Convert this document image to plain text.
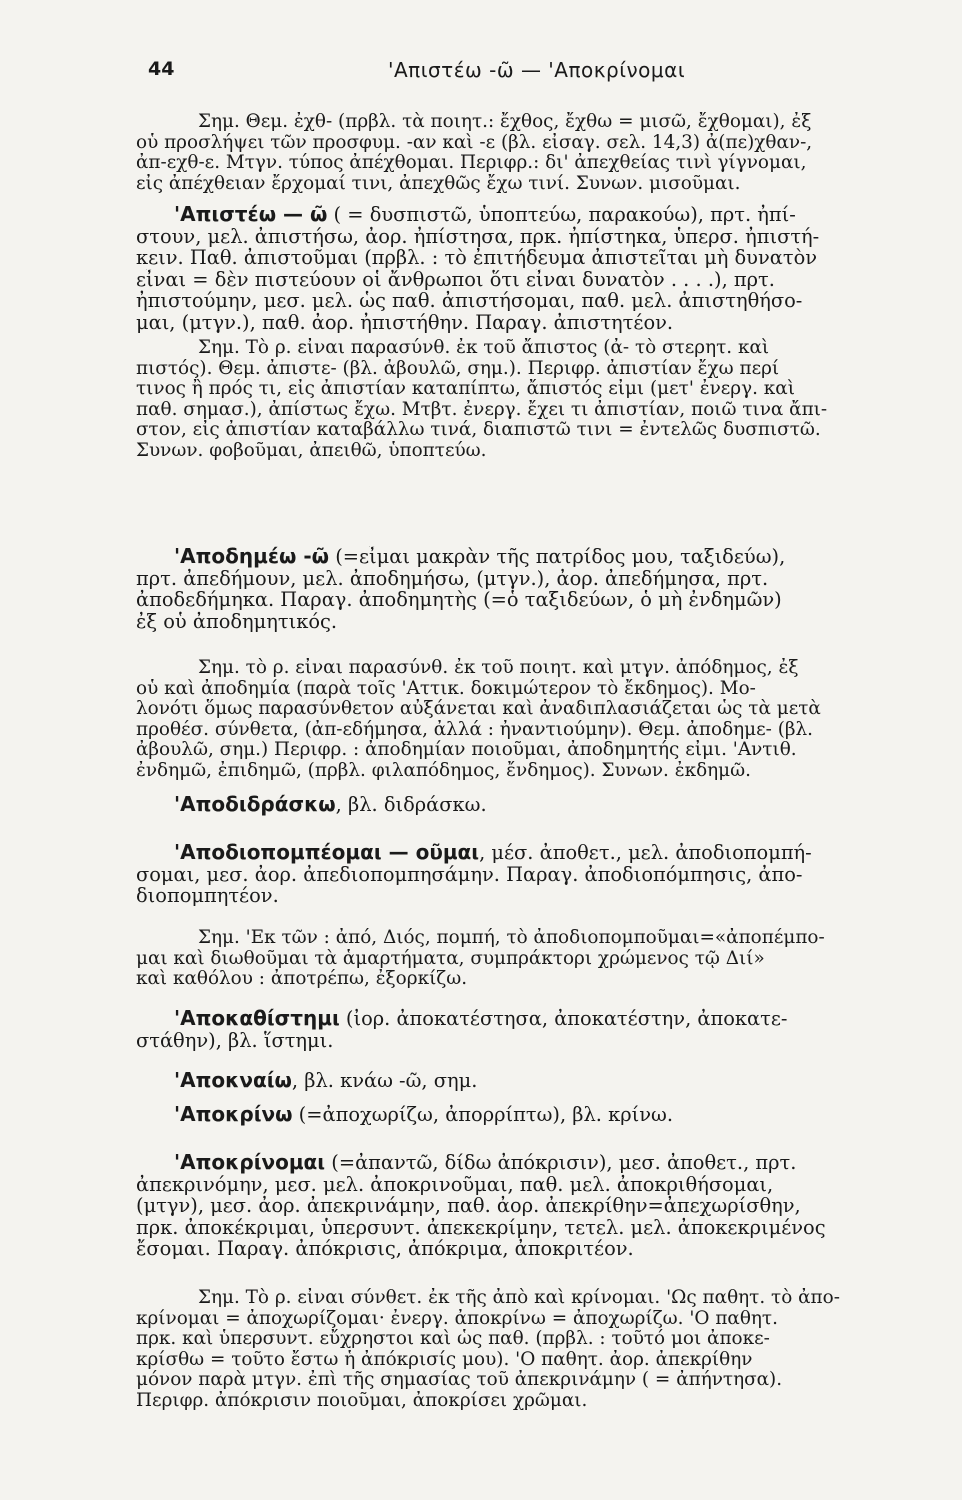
44	'Απιστέω -ῶ — 'Αποκρίνομαι
Σημ. Θεμ. ἐχθ- (πρβλ. τὰ ποιητ.: ἔχθος, ἔχθω = μισῶ, ἔχθομαι), ἐξ
οὗ προσλήψει τῶν προσφυμ. -αν καὶ -ε (βλ. εἰσαγ. σελ. 14,3) ἀ(πε)χθαν-,
ἀπ-εχθ-ε. Μτγν. τύπος ἀπέχθομαι. Περιφρ.: δι' ἀπεχθείας τινὶ γίγνομαι,
εἰς ἀπέχθειαν ἔρχομαί τινι, ἀπεχθῶς ἔχω τινί. Συνων. μισοῦμαι.
'Απιστέω — ῶ ( = δυσπιστῶ, ὑποπτεύω, παρακούω), πρτ. ἠπί-
στουν, μελ. ἀπιστήσω, ἀορ. ἠπίστησα, πρκ. ἠπίστηκα, ὑπερσ. ἠπιστή-
κειν. Παθ. ἀπιστοῦμαι (πρβλ. : τὸ ἐπιτήδευμα ἀπιστεῖται μὴ δυνατὸν
εἶναι = δὲν πιστεύουν οἱ ἄνθρωποι ὅτι εἶναι δυνατὸν . . . .), πρτ.
ἠπιστούμην, μεσ. μελ. ὡς παθ. ἀπιστήσομαι, παθ. μελ. ἀπιστηθήσο-
μαι, (μτγν.), παθ. ἀορ. ἠπιστήθην. Παραγ. ἀπιστητέον.
Σημ. Τὸ ρ. εἶναι παρασύνθ. ἐκ τοῦ ἄπιστος (ἀ- τὸ στερητ. καὶ
πιστός). Θεμ. ἀπιστε- (βλ. ἀβουλῶ, σημ.). Περιφρ. ἀπιστίαν ἔχω περί
τινος ἢ πρός τι, εἰς ἀπιστίαν καταπίπτω, ἄπιστός εἰμι (μετ' ἐνεργ. καὶ
παθ. σημασ.), ἀπίστως ἔχω. Μτβτ. ἐνεργ. ἔχει τι ἀπιστίαν, ποιῶ τινα ἄπι-
στον, εἰς ἀπιστίαν καταβάλλω τινά, διαπιστῶ τινι = ἐντελῶς δυσπιστῶ.
Συνων. φοβοῦμαι, ἀπειθῶ, ὑποπτεύω.
'Αποδημέω -ῶ (=εἶμαι μακρὰν τῆς πατρίδος μου, ταξιδεύω),
πρτ. ἀπεδήμουν, μελ. ἀποδημήσω, (μτγν.), ἀορ. ἀπεδήμησα, πρτ.
ἀποδεδήμηκα. Παραγ. ἀποδημητὴς (=ὁ ταξιδεύων, ὁ μὴ ἐνδημῶν)
ἐξ οὗ ἀποδημητικός.
Σημ. τὸ ρ. εἶναι παρασύνθ. ἐκ τοῦ ποιητ. καὶ μτγν. ἀπόδημος, ἐξ
οὗ καὶ ἀποδημία (παρὰ τοῖς 'Αττικ. δοκιμώτερον τὸ ἔκδημος). Μο-
λονότι ὅμως παρασύνθετον αὐξάνεται καὶ ἀναδιπλασιάζεται ὡς τὰ μετὰ
προθέσ. σύνθετα, (ἀπ-εδήμησα, ἀλλά : ἠναντιούμην). Θεμ. ἀποδημε- (βλ.
ἀβουλῶ, σημ.) Περιφρ. : ἀποδημίαν ποιοῦμαι, ἀποδημητής εἰμι. 'Αντιθ.
ἐνδημῶ, ἐπιδημῶ, (πρβλ. φιλαπόδημος, ἔνδημος). Συνων. ἐκδημῶ.
'Αποδιδράσκω, βλ. διδράσκω.
'Αποδιοπομπέομαι — οῦμαι, μέσ. ἀποθετ., μελ. ἀποδιοπομπή-
σομαι, μεσ. ἀορ. ἀπεδιοπομπησάμην. Παραγ. ἀποδιοπόμπησις, ἀπο-
διοπομπητέον.
Σημ. 'Εκ τῶν : ἀπό, Διός, πομπή, τὸ ἀποδιοπομποῦμαι=«ἀποπέμπο-
μαι καὶ διωθοῦμαι τὰ ἁμαρτήματα, συμπράκτορι χρώμενος τῷ Διί»
καὶ καθόλου : ἀποτρέπω, ἐξορκίζω.
'Αποκαθίστημι (ἰορ. ἀποκατέστησα, ἀποκατέστην, ἀποκατε-
στάθην), βλ. ἵστημι.
'Αποκναίω, βλ. κνάω -ῶ, σημ.
'Αποκρίνω (=ἀποχωρίζω, ἀπορρίπτω), βλ. κρίνω.
'Αποκρίνομαι (=ἀπαντῶ, δίδω ἀπόκρισιν), μεσ. ἀποθετ., πρτ.
ἀπεκρινόμην, μεσ. μελ. ἀποκρινοῦμαι, παθ. μελ. ἀποκριθήσομαι,
(μτγν), μεσ. ἀορ. ἀπεκρινάμην, παθ. ἀορ. ἀπεκρίθην=ἀπεχωρίσθην,
πρκ. ἀποκέκριμαι, ὑπερσυντ. ἀπεκεκρίμην, τετελ. μελ. ἀποκεκριμένος
ἔσομαι. Παραγ. ἀπόκρισις, ἀπόκριμα, ἀποκριτέον.
Σημ. Τὸ ρ. εἶναι σύνθετ. ἐκ τῆς ἀπὸ καὶ κρίνομαι. 'Ως παθητ. τὸ ἀπο-
κρίνομαι = ἀποχωρίζομαι· ἐνεργ. ἀποκρίνω = ἀποχωρίζω. 'Ο παθητ.
πρκ. καὶ ὑπερσυντ. εὔχρηστοι καὶ ὡς παθ. (πρβλ. : τοῦτό μοι ἀποκε-
κρίσθω = τοῦτο ἔστω ἡ ἀπόκρισίς μου). 'Ο παθητ. ἀορ. ἀπεκρίθην
μόνον παρὰ μτγν. ἐπὶ τῆς σημασίας τοῦ ἀπεκρινάμην ( = ἀπήντησα).
Περιφρ. ἀπόκρισιν ποιοῦμαι, ἀποκρίσει χρῶμαι.
